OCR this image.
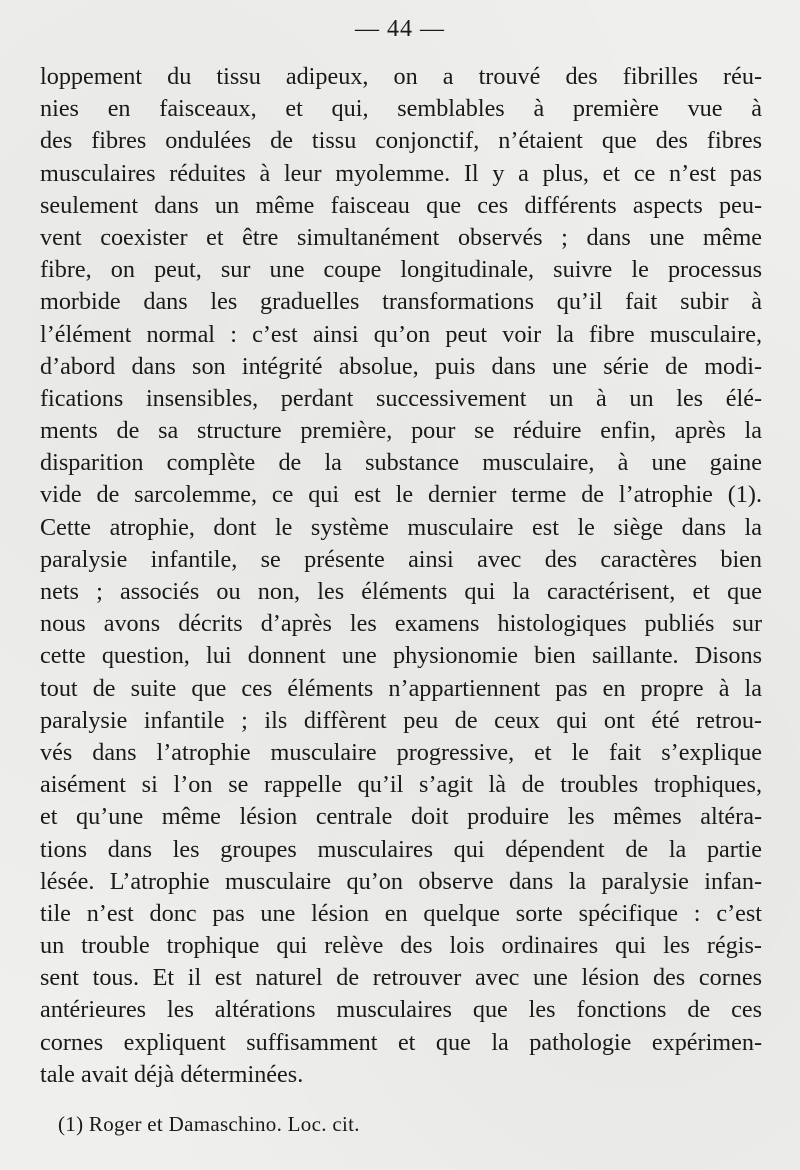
— 44 —
loppement du tissu adipeux, on a trouvé des fibrilles réu-
nies en faisceaux, et qui, semblables à première vue à
des fibres ondulées de tissu conjonctif, n’étaient que des fibres
musculaires réduites à leur myolemme. Il y a plus, et ce n’est pas
seulement dans un même faisceau que ces différents aspects peu-
vent coexister et être simultanément observés ; dans une même
fibre, on peut, sur une coupe longitudinale, suivre le processus
morbide dans les graduelles transformations qu’il fait subir à
l’élément normal : c’est ainsi qu’on peut voir la fibre musculaire,
d’abord dans son intégrité absolue, puis dans une série de modi-
fications insensibles, perdant successivement un à un les élé-
ments de sa structure première, pour se réduire enfin, après la
disparition complète de la substance musculaire, à une gaine
vide de sarcolemme, ce qui est le dernier terme de l’atrophie (1).
Cette atrophie, dont le système musculaire est le siège dans la
paralysie infantile, se présente ainsi avec des caractères bien
nets ; associés ou non, les éléments qui la caractérisent, et que
nous avons décrits d’après les examens histologiques publiés sur
cette question, lui donnent une physionomie bien saillante. Disons
tout de suite que ces éléments n’appartiennent pas en propre à la
paralysie infantile ; ils diffèrent peu de ceux qui ont été retrou-
vés dans l’atrophie musculaire progressive, et le fait s’explique
aisément si l’on se rappelle qu’il s’agit là de troubles trophiques,
et qu’une même lésion centrale doit produire les mêmes altéra-
tions dans les groupes musculaires qui dépendent de la partie
lésée. L’atrophie musculaire qu’on observe dans la paralysie infan-
tile n’est donc pas une lésion en quelque sorte spécifique : c’est
un trouble trophique qui relève des lois ordinaires qui les régis-
sent tous. Et il est naturel de retrouver avec une lésion des cornes
antérieures les altérations musculaires que les fonctions de ces
cornes expliquent suffisamment et que la pathologie expérimen-
tale avait déjà déterminées.
(1) Roger et Damaschino. Loc. cit.
